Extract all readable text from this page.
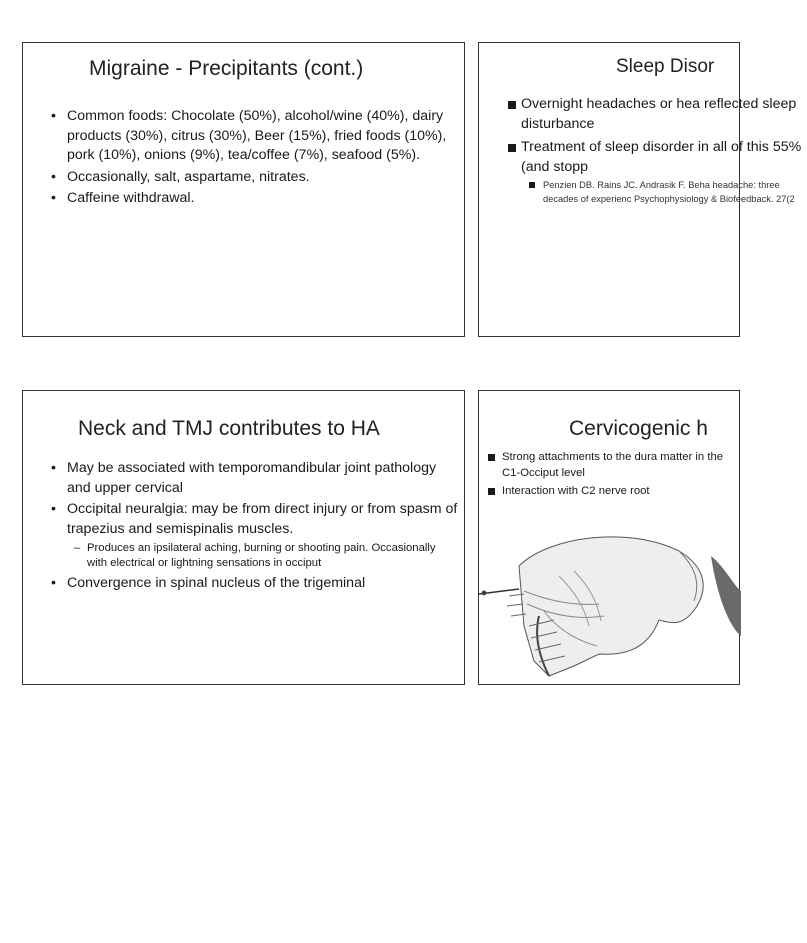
Migraine - Precipitants (cont.)
• Common foods: Chocolate (50%), alcohol/wine (40%), dairy products (30%), citrus (30%), Beer (15%), fried foods (10%), pork (10%), onions (9%), tea/coffee (7%), seafood (5%).
• Occasionally, salt, aspartame, nitrates.
• Caffeine withdrawal.
Sleep Disor
Overnight headaches or hea reflected sleep disturbance
Treatment of sleep disorder in all of this 55% (and stopp
Penzien DB. Rains JC. Andrasik F. Beha headache: three decades of experienc Psychophysiology & Biofeedback. 27(2
Neck and TMJ contributes to HA
• May be associated with temporomandibular joint pathology and upper cervical
• Occipital neuralgia: may be from direct injury or from spasm of trapezius and semispinalis muscles.
– Produces an ipsilateral aching, burning or shooting pain. Occasionally with electrical or lightning sensations in occiput
• Convergence in spinal nucleus of the trigeminal
Cervicogenic h
Strong attachments to the dura matter in the C1-Occiput level
Interaction with C2 nerve root
